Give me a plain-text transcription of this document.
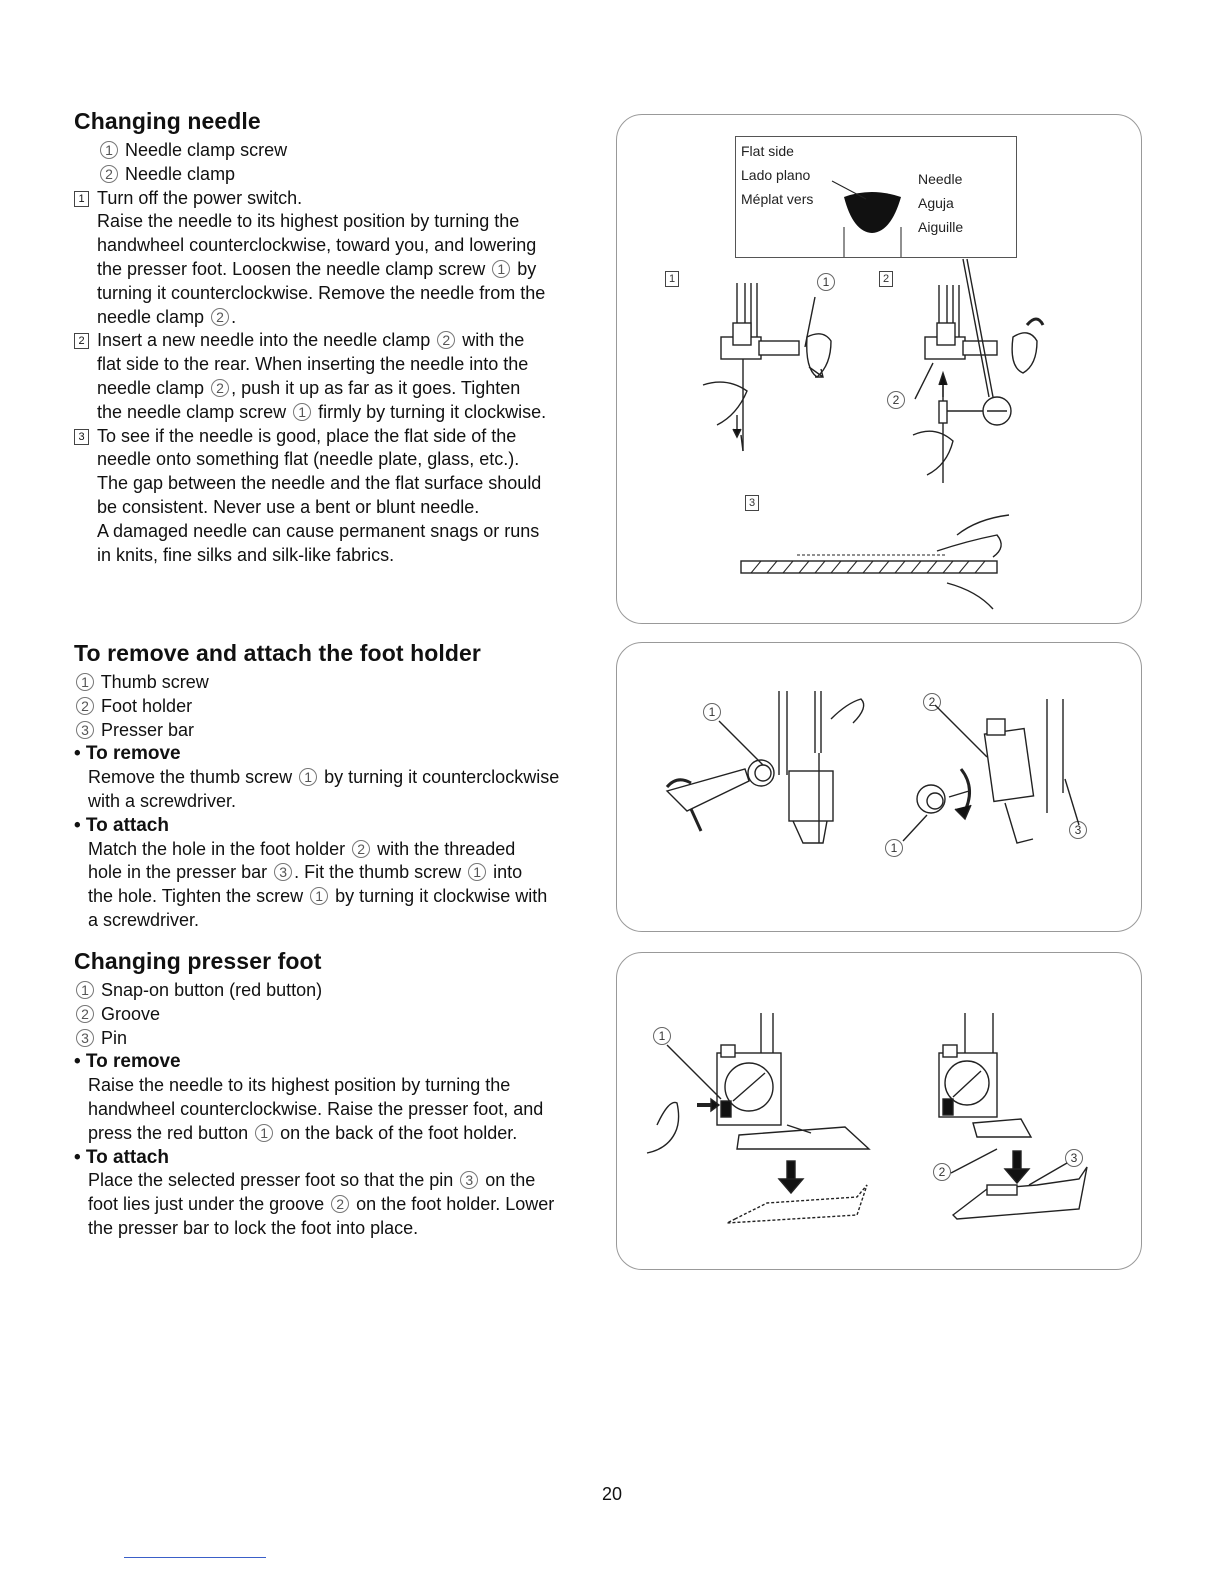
Changing needle
1 Needle clamp screw
2 Needle clamp
1 Turn off the power switch.
Raise the needle to its highest position by turning the
handwheel counterclockwise, toward you, and lowering
the presser foot. Loosen the needle clamp screw 1 by
turning it counterclockwise. Remove the needle from the
needle clamp 2 .
2 Insert a new needle into the needle clamp 2 with the
flat side to the rear. When inserting the needle into the
needle clamp 2 , push it up as far as it goes. Tighten
the needle clamp screw 1 firmly by turning it clockwise.
3 To see if the needle is good, place the flat side of the
needle onto something flat (needle plate, glass, etc.).
The gap between the needle and the flat surface should
be consistent. Never use a bent or blunt needle.
A damaged needle can cause permanent snags or runs
in knits, fine silks and silk-like fabrics.
To remove and attach the foot holder
1 Thumb screw
2 Foot holder
3 Presser bar
• To remove
Remove the thumb screw 1 by turning it counterclockwise
with a screwdriver.
• To attach
Match the hole in the foot holder 2 with the threaded
hole in the presser bar 3 . Fit the thumb screw 1 into
the hole. Tighten the screw 1 by turning it clockwise with
a screwdriver.
Changing presser foot
1 Snap-on button (red button)
2 Groove
3 Pin
• To remove
Raise the needle to its highest position by turning the
handwheel counterclockwise. Raise the presser foot, and
press the red button 1 on the back of the foot holder.
• To attach
Place the selected presser foot so that the pin 3 on the
foot lies just under the groove 2 on the foot holder. Lower
the presser bar to lock the foot into place.
Flat side
Lado plano
Méplat vers
Needle
Aguja
Aiguille
1	2
3
1
2
1
2
1
3
1
2
3
20
